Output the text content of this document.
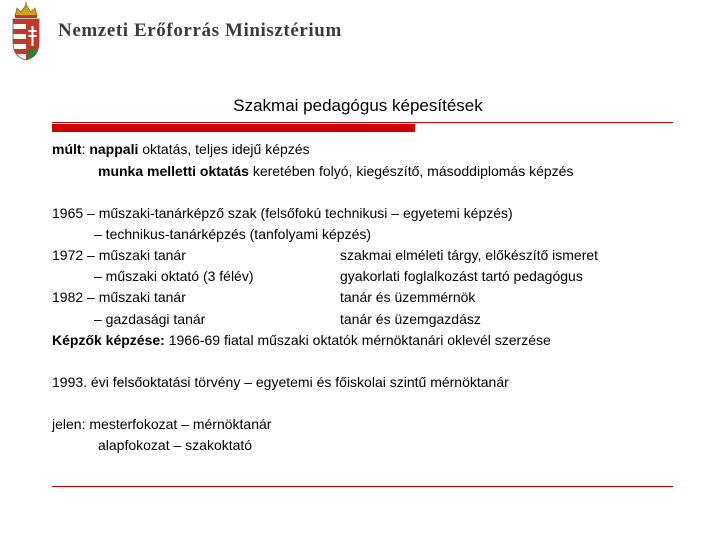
Nemzeti Erőforrás Minisztérium
Szakmai pedagógus képesítések
múlt: nappali oktatás, teljes idejű képzés
munka melletti oktatás keretében folyó, kiegészítő, másoddiplomás képzés
1965 – műszaki-tanárképző szak (felsőfokú technikusi – egyetemi képzés)
– technikus-tanárképzés (tanfolyami képzés)
1972 – műszaki tanár	szakmai elméleti tárgy, előkészítő ismeret
– műszaki oktató (3 félév)	gyakorlati foglalkozást tartó pedagógus
1982 – műszaki tanár	tanár és üzemmérnök
– gazdasági tanár	tanár és üzemgazdász
Képzők képzése: 1966-69 fiatal műszaki oktatók mérnöktanári oklevél szerzése
1993. évi felsőoktatási törvény – egyetemi és főiskolai szintű mérnöktanár
jelen: mesterfokozat – mérnöktanár
alapfokozat – szakoktató
